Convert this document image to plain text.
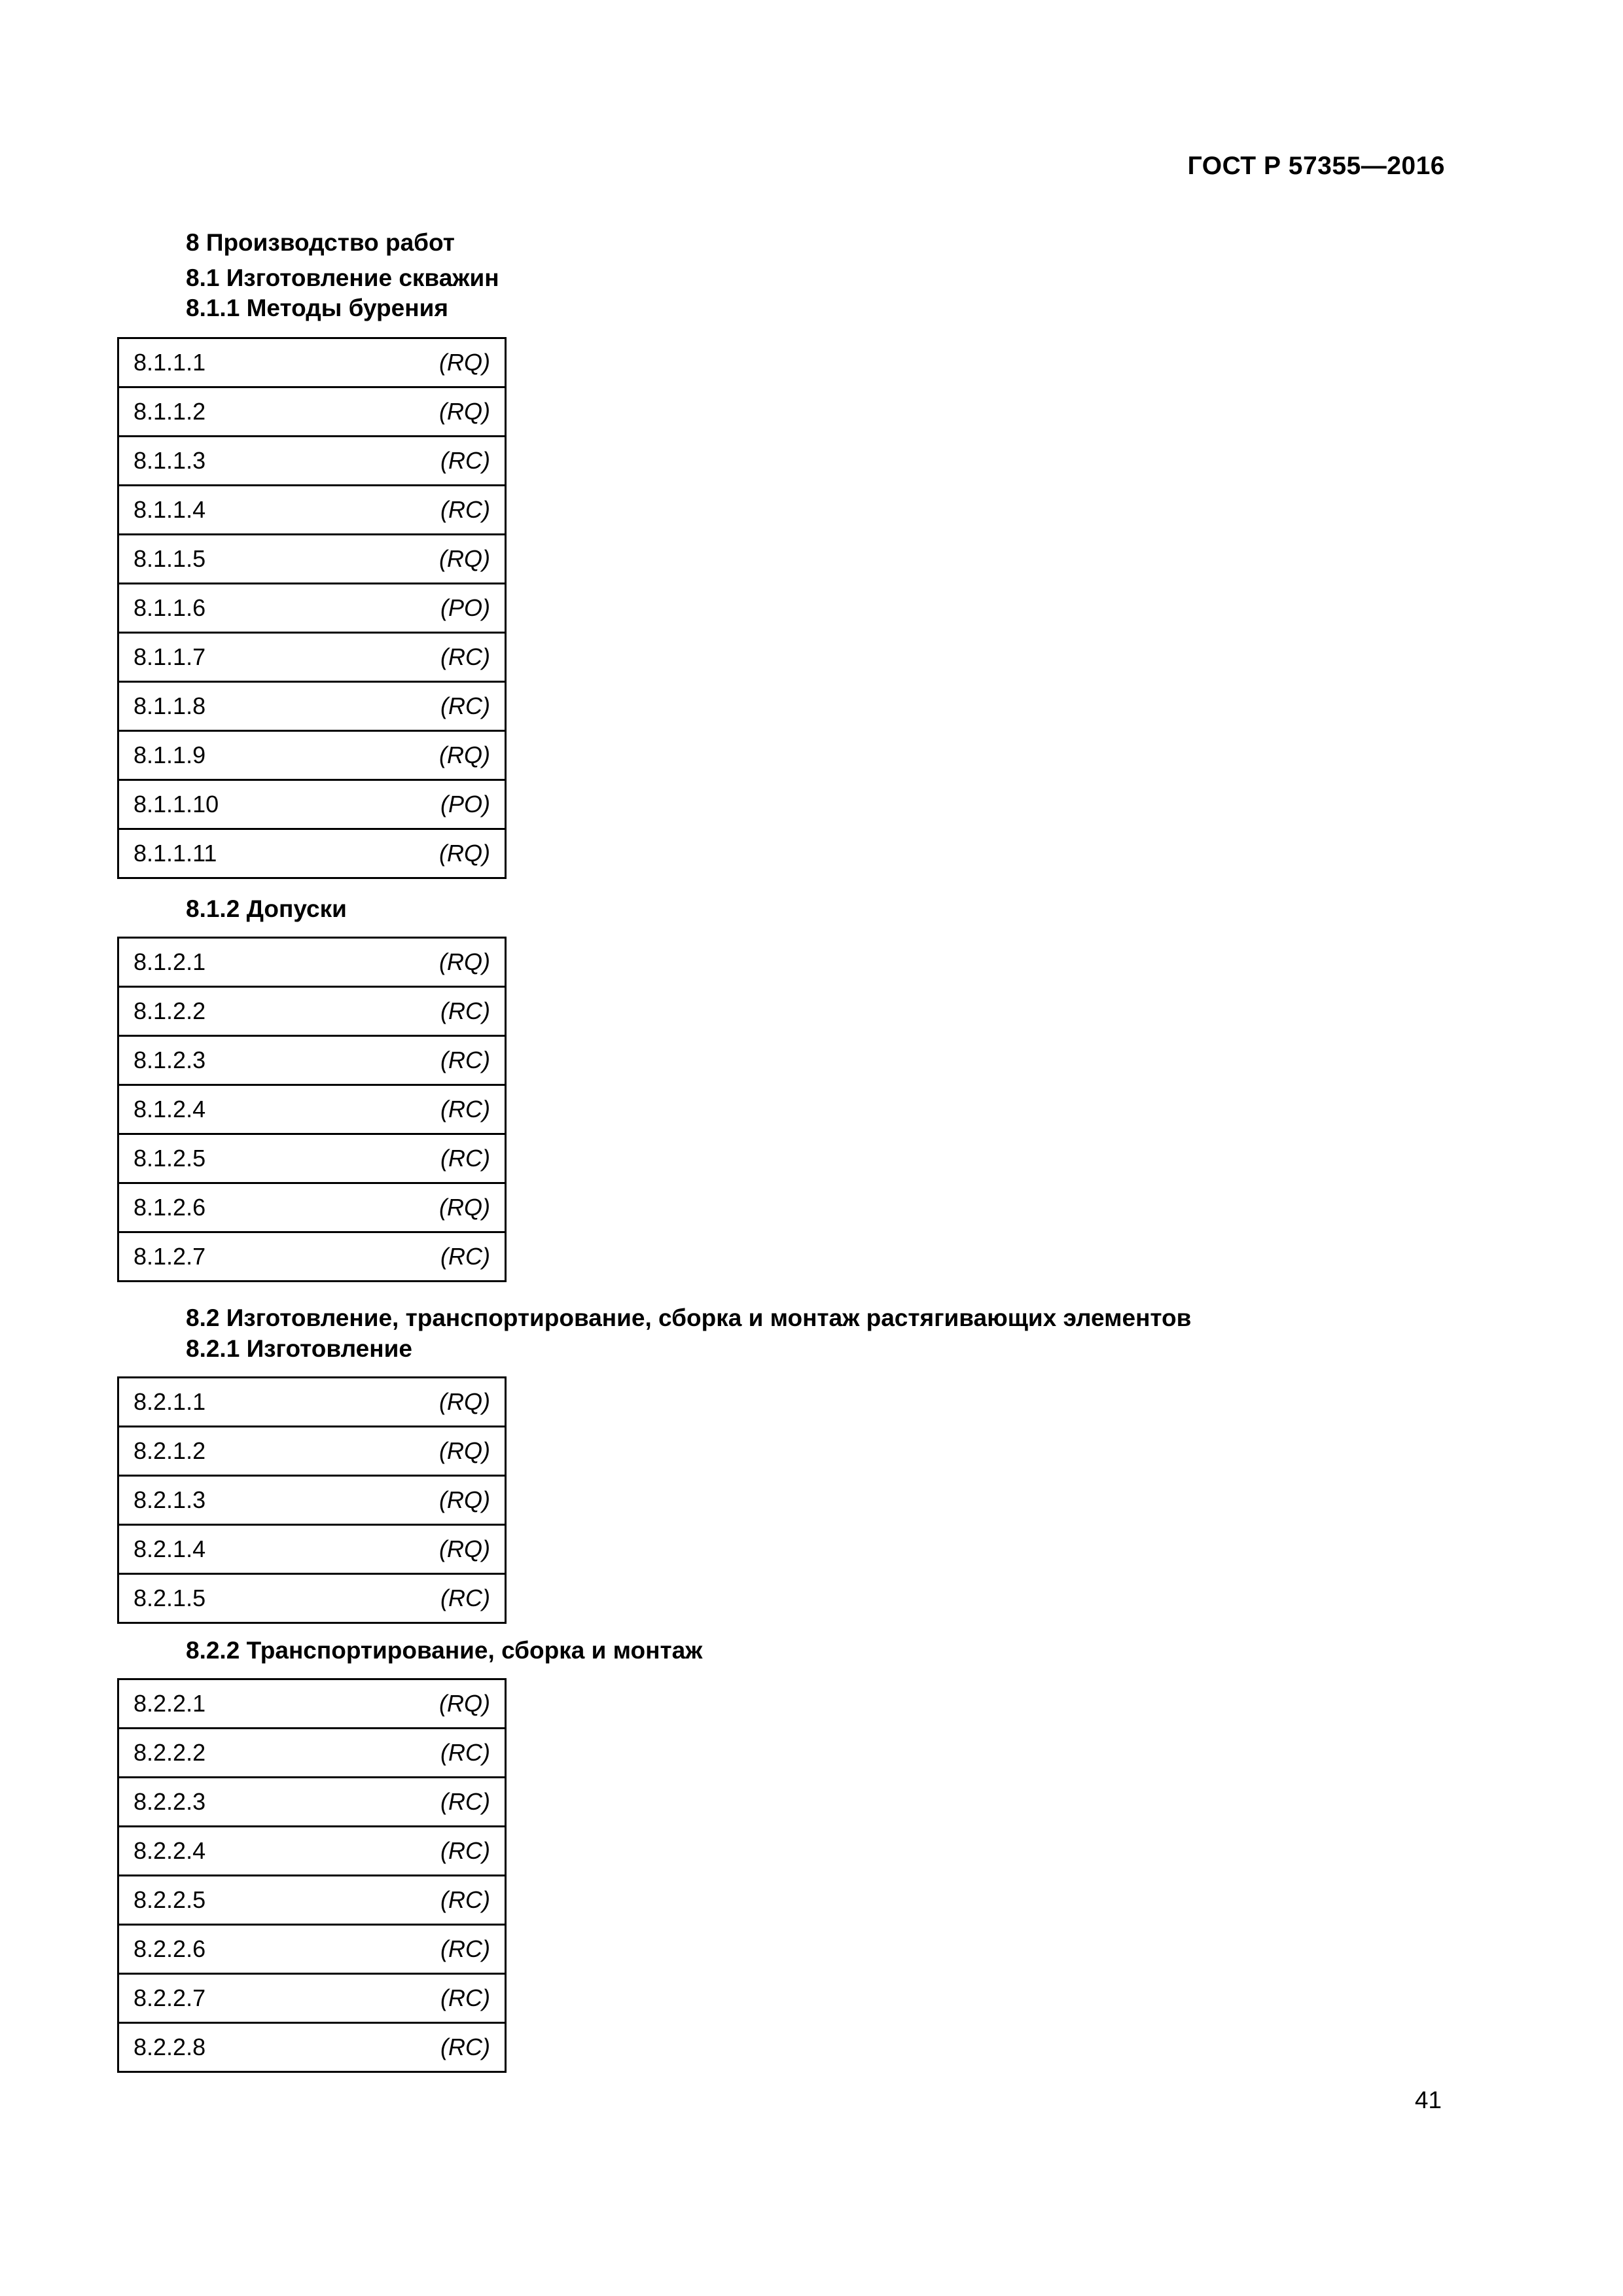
ГОСТ Р 57355—2016
8 Производство работ
8.1 Изготовление скважин
8.1.1 Методы бурения
8.1.1.1	(RQ)
8.1.1.2	(RQ)
8.1.1.3	(RC)
8.1.1.4	(RC)
8.1.1.5	(RQ)
8.1.1.6	(PO)
8.1.1.7	(RC)
8.1.1.8	(RC)
8.1.1.9	(RQ)
8.1.1.10	(PO)
8.1.1.11	(RQ)
8.1.2 Допуски
8.1.2.1	(RQ)
8.1.2.2	(RC)
8.1.2.3	(RC)
8.1.2.4	(RC)
8.1.2.5	(RC)
8.1.2.6	(RQ)
8.1.2.7	(RC)
8.2 Изготовление, транспортирование, сборка и монтаж растягивающих элементов
8.2.1 Изготовление
8.2.1.1	(RQ)
8.2.1.2	(RQ)
8.2.1.3	(RQ)
8.2.1.4	(RQ)
8.2.1.5	(RC)
8.2.2 Транспортирование, сборка и монтаж
8.2.2.1	(RQ)
8.2.2.2	(RC)
8.2.2.3	(RC)
8.2.2.4	(RC)
8.2.2.5	(RC)
8.2.2.6	(RC)
8.2.2.7	(RC)
8.2.2.8	(RC)
41
